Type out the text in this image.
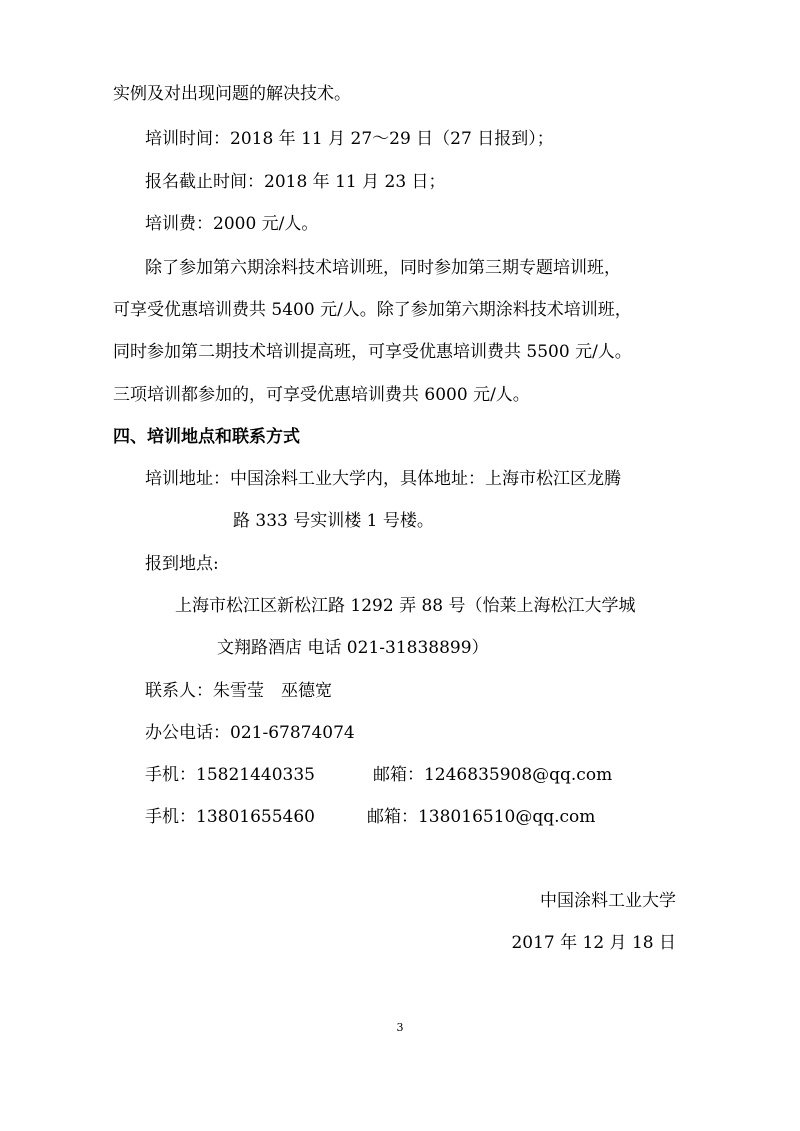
实例及对出现问题的解决技术。
培训时间：2018 年 11 月 27～29 日（27 日报到）；
报名截止时间：2018 年 11 月 23 日；
培训费：2000 元/人。
除了参加第六期涂料技术培训班，同时参加第三期专题培训班，
可享受优惠培训费共 5400 元/人。除了参加第六期涂料技术培训班，
同时参加第二期技术培训提高班，可享受优惠培训费共 5500 元/人。
三项培训都参加的，可享受优惠培训费共 6000 元/人。
四、培训地点和联系方式
培训地址：中国涂料工业大学内，具体地址：上海市松江区龙腾
路 333 号实训楼 1 号楼。
报到地点:
上海市松江区新松江路 1292 弄 88 号（怡莱上海松江大学城
文翔路酒店 电话 021-31838899）
联系人：朱雪莹　巫德宽
办公电话：021-67874074
手机：15821440335	邮箱：1246835908@qq.com
手机：13801655460	邮箱：138016510@qq.com
中国涂料工业大学
2017 年 12 月 18 日
3
